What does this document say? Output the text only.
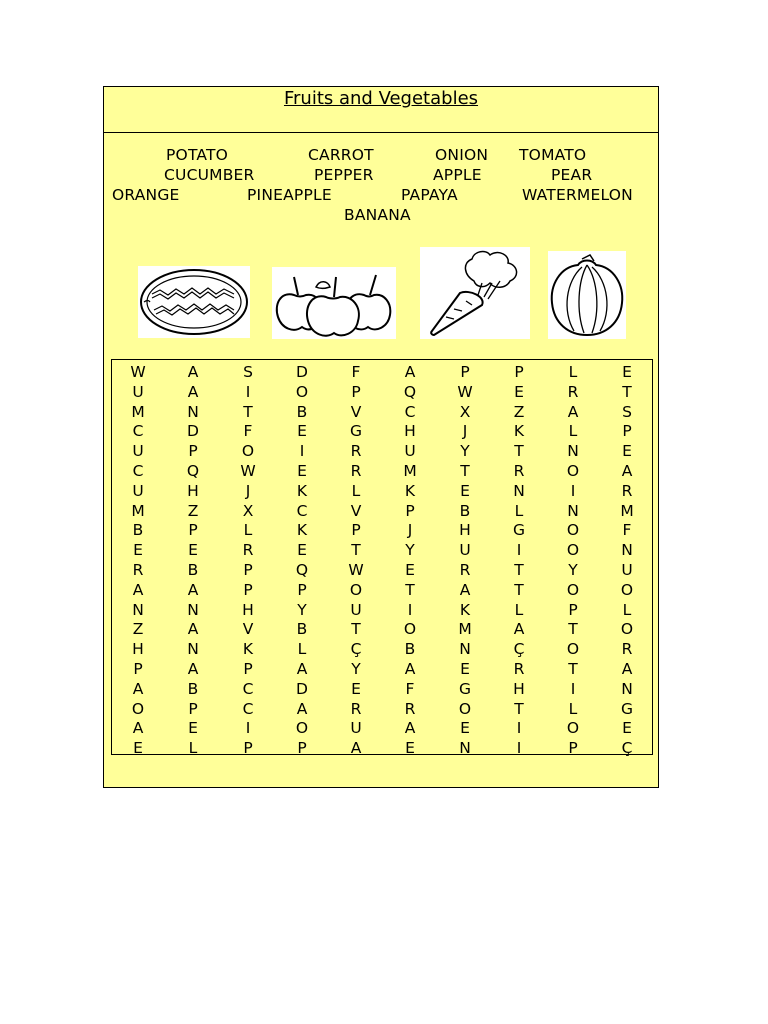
Fruits and Vegetables
POTATO	CARROT	ONION TOMATO
CUCUMBER	PEPPER	APPLE	PEAR
ORANGE	PINEAPPLE	PAPAYA	WATERMELON
BANANA
W	A	S	D	F	A	P	P	L	E
U	A	I	O	P	Q	W	E	R	T
M	N	T	B	V	C	X	Z	A	S
C	D	F	E	G	H	J	K	L	P
U	P	O	I	R	U	Y	T	N	E
C	Q	W	E	R	M	T	R	O	A
U	H	J	K	L	K	E	N	I	R
M	Z	X	C	V	P	B	L	N	M
B	P	L	K	P	J	H	G	O	F
E	E	R	E	T	Y	U	I	O	N
R	B	P	Q	W	E	R	T	Y	U
A	A	P	P	O	T	A	T	O	O
N	N	H	Y	U	I	K	L	P	L
Z	A	V	B	T	O	M	A	T	O
H	N	K	L	Ç	B	N	Ç	O	R
P	A	P	A	Y	A	E	R	T	A
A	B	C	D	E	F	G	H	I	N
O	P	C	A	R	R	O	T	L	G
A	E	I	O	U	A	E	I	O	E
E	L	P	P	A	E	N	I	P	Ç
